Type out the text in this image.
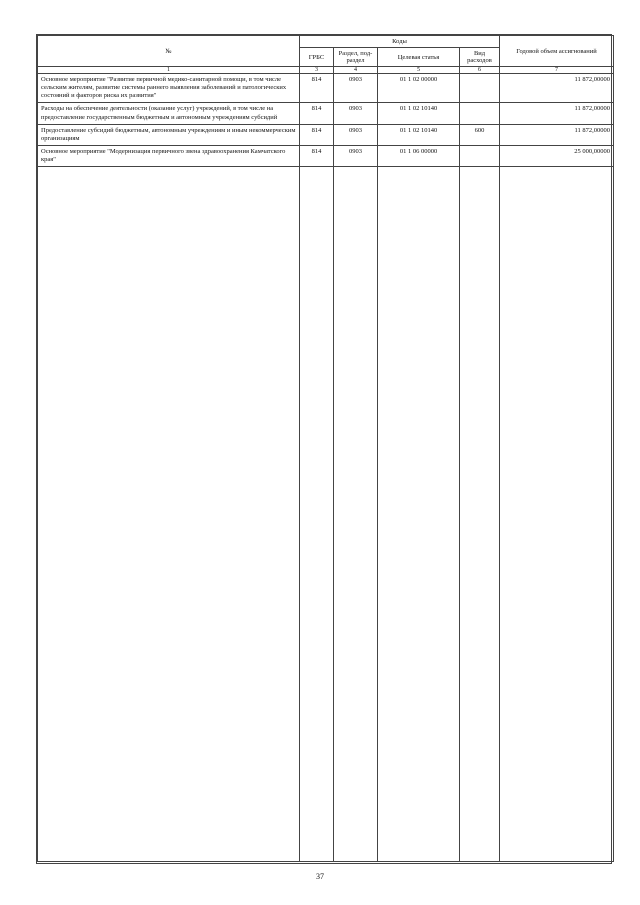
№	Коды				Годовой объем ассигнований
	ГРБС	Раздел, под-раздел	Целевая статья	Вид расходов	
1	3	4	5	6	7
Основное мероприятие "Развитие первичной медико-санитарной помощи, в том числе сельским жителям, развитие системы раннего выявления заболеваний и патологических состояний и факторов риска их развития"	814	0903	01 1 02 00000		11 872,00000
Расходы на обеспечение деятельности (оказание услуг) учреждений, в том числе на предоставление государственным бюджетным и автономным учреждениям субсидий	814	0903	01 1 02 10140		11 872,00000
Предоставление субсидий бюджетным, автономным учреждениям и иным некоммерческим организациям	814	0903	01 1 02 10140	600	11 872,00000
Основное мероприятие "Модернизация первичного звена здравоохранения Камчатского края"	814	0903	01 1 06 00000		25 000,00000

37
